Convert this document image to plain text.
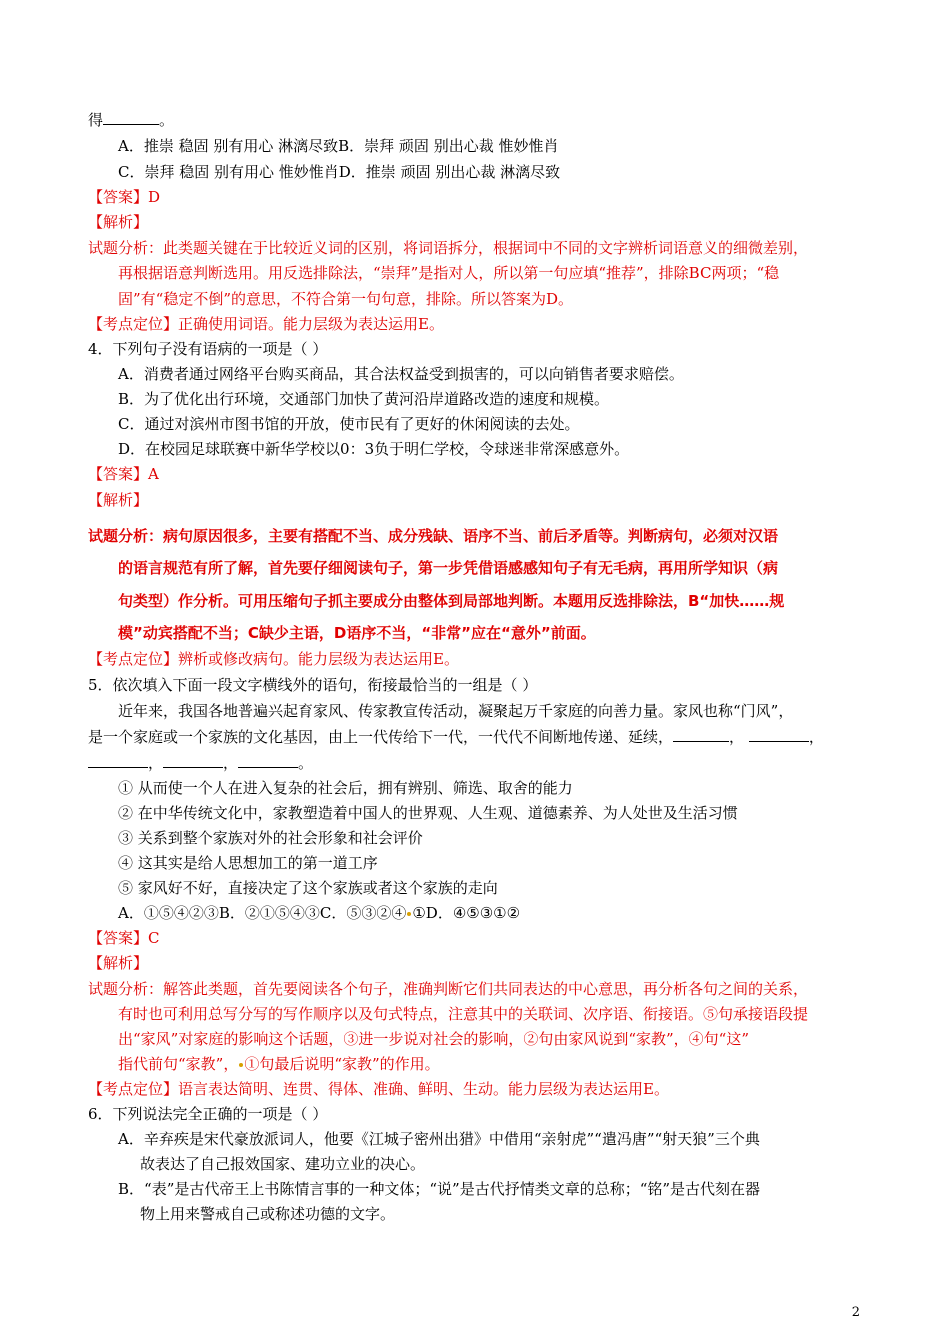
得	。
A．推崇 稳固 别有用心 淋漓尽致B．崇拜 顽固 别出心裁 惟妙惟肖
C．崇拜 稳固 别有用心 惟妙惟肖D．推崇 顽固 别出心裁 淋漓尽致
【答案】D
【解析】
试题分析：此类题关键在于比较近义词的区别，将词语拆分，根据词中不同的文字辨析词语意义的细微差别，
再根据语意判断选用。用反选排除法，“崇拜”是指对人，所以第一句应填“推荐”，排除BC两项；“稳
固”有“稳定不倒”的意思，不符合第一句句意，排除。所以答案为D。
【考点定位】正确使用词语。能力层级为表达运用E。
4．下列句子没有语病的一项是（ ）
A．消费者通过网络平台购买商品，其合法权益受到损害的，可以向销售者要求赔偿。
B．为了优化出行环境，交通部门加快了黄河沿岸道路改造的速度和规模。
C．通过对滨州市图书馆的开放，使市民有了更好的休闲阅读的去处。
D．在校园足球联赛中新华学校以0：3负于明仁学校，令球迷非常深感意外。
【答案】A
【解析】
试题分析：病句原因很多，主要有搭配不当、成分残缺、语序不当、前后矛盾等。判断病句，必须对汉语
的语言规范有所了解，首先要仔细阅读句子，第一步凭借语感感知句子有无毛病，再用所学知识（病
句类型）作分析。可用压缩句子抓主要成分由整体到局部地判断。本题用反选排除法，B“加快……规
模”动宾搭配不当；C缺少主语，D语序不当，“非常”应在“意外”前面。
【考点定位】辨析或修改病句。能力层级为表达运用E。
5．依次填入下面一段文字横线外的语句，衔接最恰当的一组是（ ）
近年来，我国各地普遍兴起育家风、传家教宣传活动，凝聚起万千家庭的向善力量。家风也称“门风”，
是一个家庭或一个家族的文化基因，由上一代传给下一代，一代代不间断地传递、延续，	，	，
，	，	。
① 从而使一个人在进入复杂的社会后，拥有辨别、筛选、取舍的能力
② 在中华传统文化中，家教塑造着中国人的世界观、人生观、道德素养、为人处世及生活习惯
③ 关系到整个家族对外的社会形象和社会评价
④ 这其实是给人思想加工的第一道工序
⑤ 家风好不好，直接决定了这个家族或者这个家族的走向
A．①⑤④②③B．②①⑤④③C．⑤③②④ ①D．④⑤③①②
【答案】C
【解析】
试题分析：解答此类题，首先要阅读各个句子，准确判断它们共同表达的中心意思，再分析各句之间的关系，
有时也可利用总写分写的写作顺序以及句式特点，注意其中的关联词、次序语、衔接语。⑤句承接语段提
出“家风”对家庭的影响这个话题，③进一步说对社会的影响，②句由家风说到“家教”，④句“这”
指代前句“家教”， ①句最后说明“家教”的作用。
【考点定位】语言表达简明、连贯、得体、准确、鲜明、生动。能力层级为表达运用E。
6．下列说法完全正确的一项是（ ）
A．辛弃疾是宋代豪放派词人，他要《江城子密州出猎》中借用“亲射虎”“遣冯唐”“射天狼”三个典
故表达了自己报效国家、建功立业的决心。
B．“表”是古代帝王上书陈情言事的一种文体；“说”是古代抒情类文章的总称；“铭”是古代刻在器
物上用来警戒自己或称述功德的文字。
2
